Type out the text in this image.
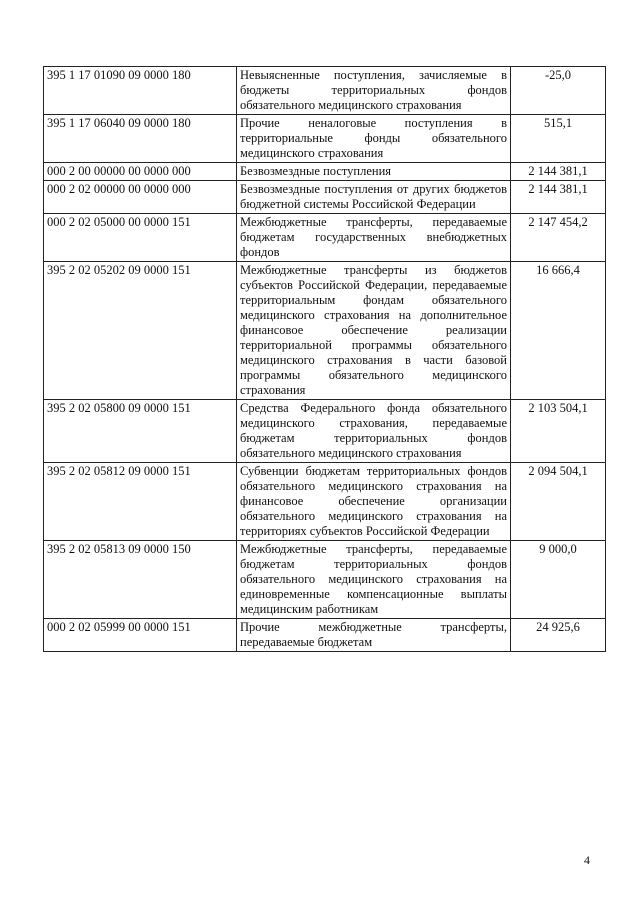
395 1 17 01090 09 0000 180	Невыясненные поступления, зачисляемые в бюджеты территориальных фондов обязательного медицинского страхования	-25,0
395 1 17 06040 09 0000 180	Прочие неналоговые поступления в территориальные фонды обязательного медицинского страхования	515,1
000 2 00 00000 00 0000 000	Безвозмездные поступления	2 144 381,1
000 2 02 00000 00 0000 000	Безвозмездные поступления от других бюджетов бюджетной системы Российской Федерации	2 144 381,1
000 2 02 05000 00 0000 151	Межбюджетные трансферты, передаваемые бюджетам государственных внебюджетных фондов	2 147 454,2
395 2 02 05202 09 0000 151	Межбюджетные трансферты из бюджетов субъектов Российской Федерации, передаваемые территориальным фондам обязательного медицинского страхования на дополнительное финансовое обеспечение реализации территориальной программы обязательного медицинского страхования в части базовой программы обязательного медицинского страхования	16 666,4
395 2 02 05800 09 0000 151	Средства Федерального фонда обязательного медицинского страхования, передаваемые бюджетам территориальных фондов обязательного медицинского страхования	2 103 504,1
395 2 02 05812 09 0000 151	Субвенции бюджетам территориальных фондов обязательного медицинского страхования на финансовое обеспечение организации обязательного медицинского страхования на территориях субъектов Российской Федерации	2 094 504,1
395 2 02 05813 09 0000 150	Межбюджетные трансферты, передаваемые бюджетам территориальных фондов обязательного медицинского страхования на единовременные компенсационные выплаты медицинским работникам	9 000,0
000 2 02 05999 00 0000 151	Прочие межбюджетные трансферты, передаваемые бюджетам	24 925,6
4
